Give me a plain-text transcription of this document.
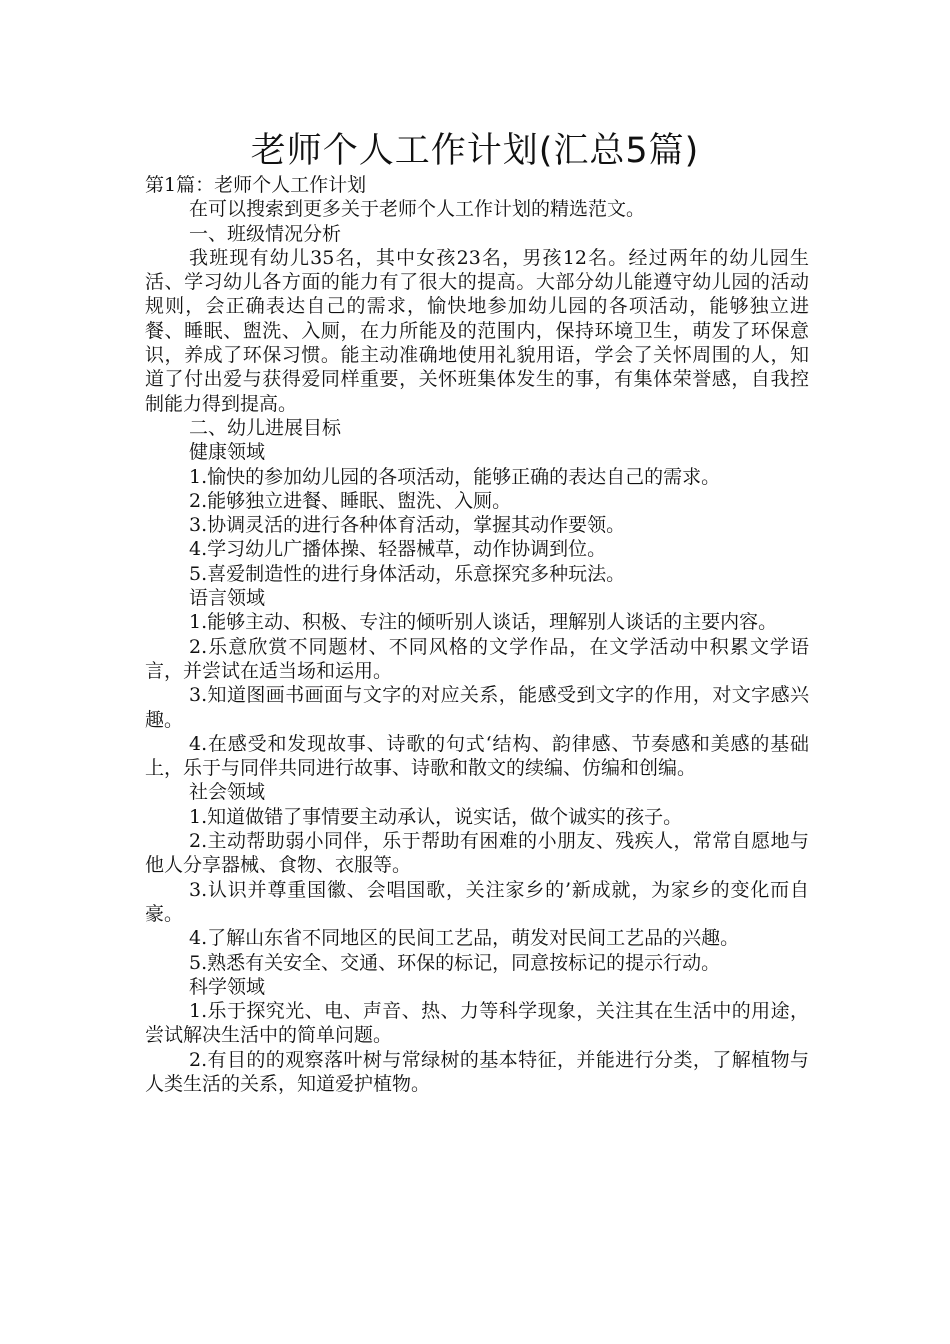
老师个人工作计划(汇总5篇)

第1篇：老师个人工作计划

在可以搜索到更多关于老师个人工作计划的精选范文。

一、班级情况分析

我班现有幼儿35名，其中女孩23名，男孩12名。经过两年的幼儿园生活、学习幼儿各方面的能力有了很大的提高。大部分幼儿能遵守幼儿园的活动规则，会正确表达自己的需求，愉快地参加幼儿园的各项活动，能够独立进餐、睡眠、盥洗、入厕，在力所能及的范围内，保持环境卫生，萌发了环保意识，养成了环保习惯。能主动准确地使用礼貌用语，学会了关怀周围的人，知道了付出爱与获得爱同样重要，关怀班集体发生的事，有集体荣誉感，自我控制能力得到提高。

二、幼儿进展目标

健康领域

1.愉快的参加幼儿园的各项活动，能够正确的表达自己的需求。

2.能够独立进餐、睡眠、盥洗、入厕。

3.协调灵活的进行各种体育活动，掌握其动作要领。

4.学习幼儿广播体操、轻器械草，动作协调到位。

5.喜爱制造性的进行身体活动，乐意探究多种玩法。

语言领域

1.能够主动、积极、专注的倾听别人谈话，理解别人谈话的主要内容。

2.乐意欣赏不同题材、不同风格的文学作品，在文学活动中积累文学语言，并尝试在适当场和运用。

3.知道图画书画面与文字的对应关系，能感受到文字的作用，对文字感兴趣。

4.在感受和发现故事、诗歌的句式‘结构、韵律感、节奏感和美感的基础上，乐于与同伴共同进行故事、诗歌和散文的续编、仿编和创编。

社会领域

1.知道做错了事情要主动承认，说实话，做个诚实的孩子。

2.主动帮助弱小同伴，乐于帮助有困难的小朋友、残疾人，常常自愿地与他人分享器械、食物、衣服等。

3.认识并尊重国徽、会唱国歌，关注家乡的’新成就，为家乡的变化而自豪。

4.了解山东省不同地区的民间工艺品，萌发对民间工艺品的兴趣。

5.熟悉有关安全、交通、环保的标记，同意按标记的提示行动。

科学领域

1.乐于探究光、电、声音、热、力等科学现象，关注其在生活中的用途，尝试解决生活中的简单问题。

2.有目的的观察落叶树与常绿树的基本特征，并能进行分类，了解植物与人类生活的关系，知道爱护植物。
